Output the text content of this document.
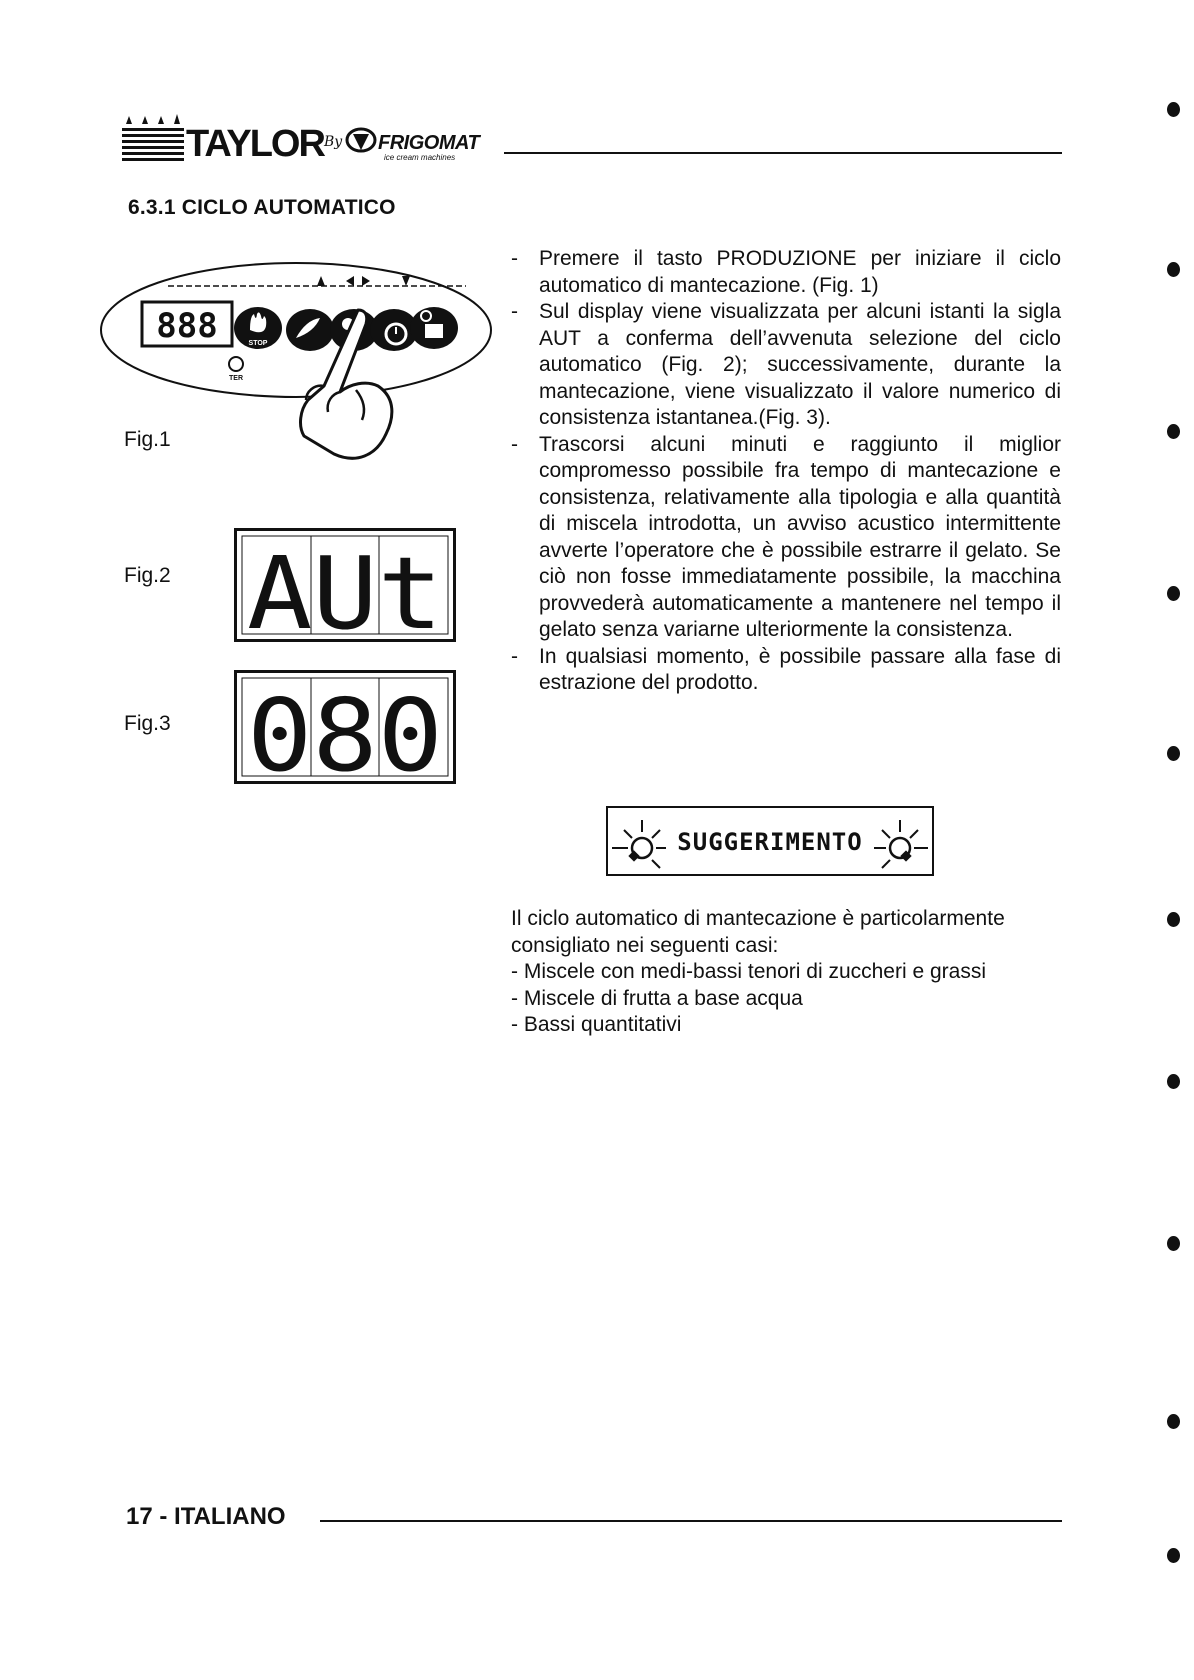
TAYLOR By FRIGOMAT
ice cream machines
6.3.1 CICLO AUTOMATICO
888	STOP
TER
Fig.1
Fig.2 AUt
Fig.3 080
- Premere il tasto PRODUZIONE per iniziare il ciclo automatico di mantecazione. (Fig. 1)
- Sul display viene visualizzata per alcuni istanti la sigla AUT a conferma dell’avvenuta selezione del ciclo automatico (Fig. 2); successivamente, durante la mantecazione, viene visualizzato il valore numerico di consistenza istantanea.(Fig. 3).
- Trascorsi alcuni minuti e raggiunto il miglior compromesso possibile fra tempo di mantecazione e consistenza, relativamente alla tipologia e alla quantità di miscela introdotta, un avviso acustico intermittente avverte l’operatore che è possibile estrarre il gelato. Se ciò non fosse immediatamente possibile, la macchina provvederà automaticamente a mantenere nel tempo il gelato senza variarne ulteriormente la consistenza.
- In qualsiasi momento, è possibile passare alla fase di estrazione del prodotto.
SUGGERIMENTO
Il ciclo automatico di mantecazione è particolarmente consigliato nei seguenti casi:
- Miscele con medi-bassi tenori di zuccheri e grassi
- Miscele di frutta a base acqua
- Bassi quantitativi
17 - ITALIANO
